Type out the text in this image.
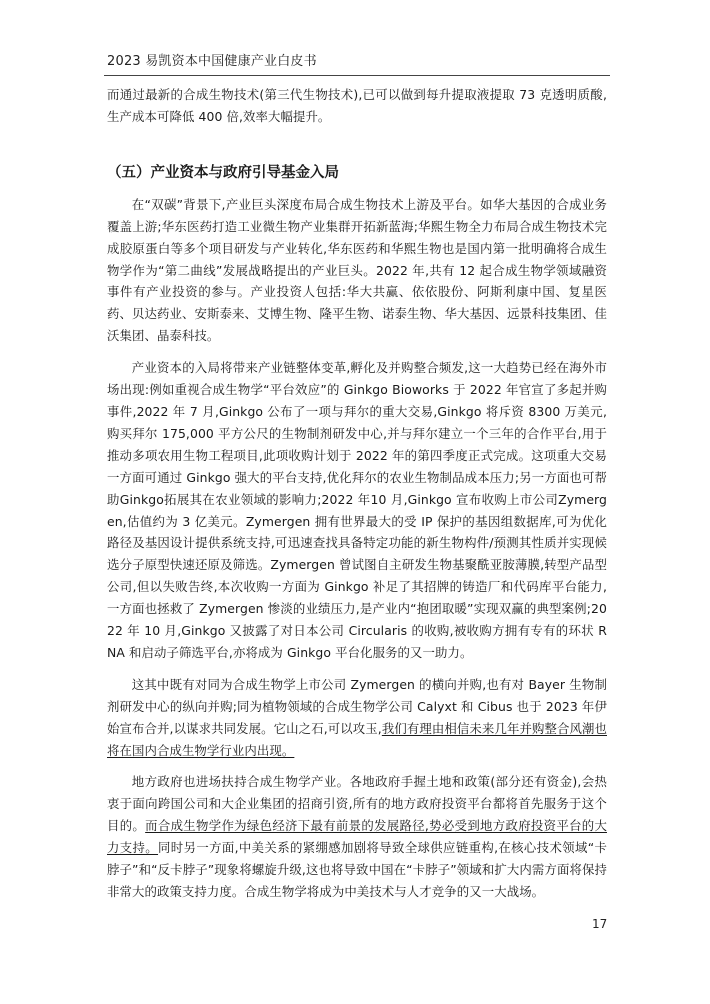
2023 易凯资本中国健康产业白皮书

而通过最新的合成生物技术(第三代生物技术),已可以做到每升提取液提取 73 克透明质酸,生产成本可降低 400 倍,效率大幅提升。

（五）产业资本与政府引导基金入局

在“双碳”背景下,产业巨头深度布局合成生物技术上游及平台。如华大基因的合成业务覆盖上游;华东医药打造工业微生物产业集群开拓新蓝海;华熙生物全力布局合成生物技术完成胶原蛋白等多个项目研发与产业转化,华东医药和华熙生物也是国内第一批明确将合成生物学作为“第二曲线”发展战略提出的产业巨头。2022 年,共有 12 起合成生物学领域融资事件有产业投资的参与。产业投资人包括:华大共赢、依依股份、阿斯利康中国、复星医药、贝达药业、安斯泰来、艾博生物、隆平生物、诺泰生物、华大基因、远景科技集团、佳沃集团、晶泰科技。

产业资本的入局将带来产业链整体变革,孵化及并购整合频发,这一大趋势已经在海外市场出现:例如重视合成生物学“平台效应”的 Ginkgo Bioworks 于 2022 年官宣了多起并购事件,2022 年 7 月,Ginkgo 公布了一项与拜尔的重大交易,Ginkgo 将斥资 8300 万美元,购买拜尔 175,000 平方公尺的生物制剂研发中心,并与拜尔建立一个三年的合作平台,用于推动多项农用生物工程项目,此项收购计划于 2022 年的第四季度正式完成。这项重大交易一方面可通过 Ginkgo 强大的平台支持,优化拜尔的农业生物制品成本压力;另一方面也可帮助Ginkgo拓展其在农业领域的影响力;2022 年10 月,Ginkgo 宣布收购上市公司Zymergen,估值约为 3 亿美元。Zymergen 拥有世界最大的受 IP 保护的基因组数据库,可为优化路径及基因设计提供系统支持,可迅速查找具备特定功能的新生物构件/预测其性质并实现候选分子原型快速还原及筛选。Zymergen 曾试图自主研发生物基聚酰亚胺薄膜,转型产品型公司,但以失败告终,本次收购一方面为 Ginkgo 补足了其招牌的铸造厂和代码库平台能力,一方面也拯救了 Zymergen 惨淡的业绩压力,是产业内“抱团取暖”实现双赢的典型案例;2022 年 10 月,Ginkgo 又披露了对日本公司 Circularis 的收购,被收购方拥有专有的环状 RNA 和启动子筛选平台,亦将成为 Ginkgo 平台化服务的又一助力。

这其中既有对同为合成生物学上市公司 Zymergen 的横向并购,也有对 Bayer 生物制剂研发中心的纵向并购;同为植物领域的合成生物学公司 Calyxt 和 Cibus 也于 2023 年伊始宣布合并,以谋求共同发展。它山之石,可以攻玉,我们有理由相信未来几年并购整合风潮也将在国内合成生物学行业内出现。

地方政府也进场扶持合成生物学产业。各地政府手握土地和政策(部分还有资金),会热衷于面向跨国公司和大企业集团的招商引资,所有的地方政府投资平台都将首先服务于这个目的。而合成生物学作为绿色经济下最有前景的发展路径,势必受到地方政府投资平台的大力支持。同时另一方面,中美关系的紧绷感加剧将导致全球供应链重构,在核心技术领域“卡脖子”和“反卡脖子”现象将螺旋升级,这也将导致中国在“卡脖子”领域和扩大内需方面将保持非常大的政策支持力度。合成生物学将成为中美技术与人才竞争的又一大战场。

17
